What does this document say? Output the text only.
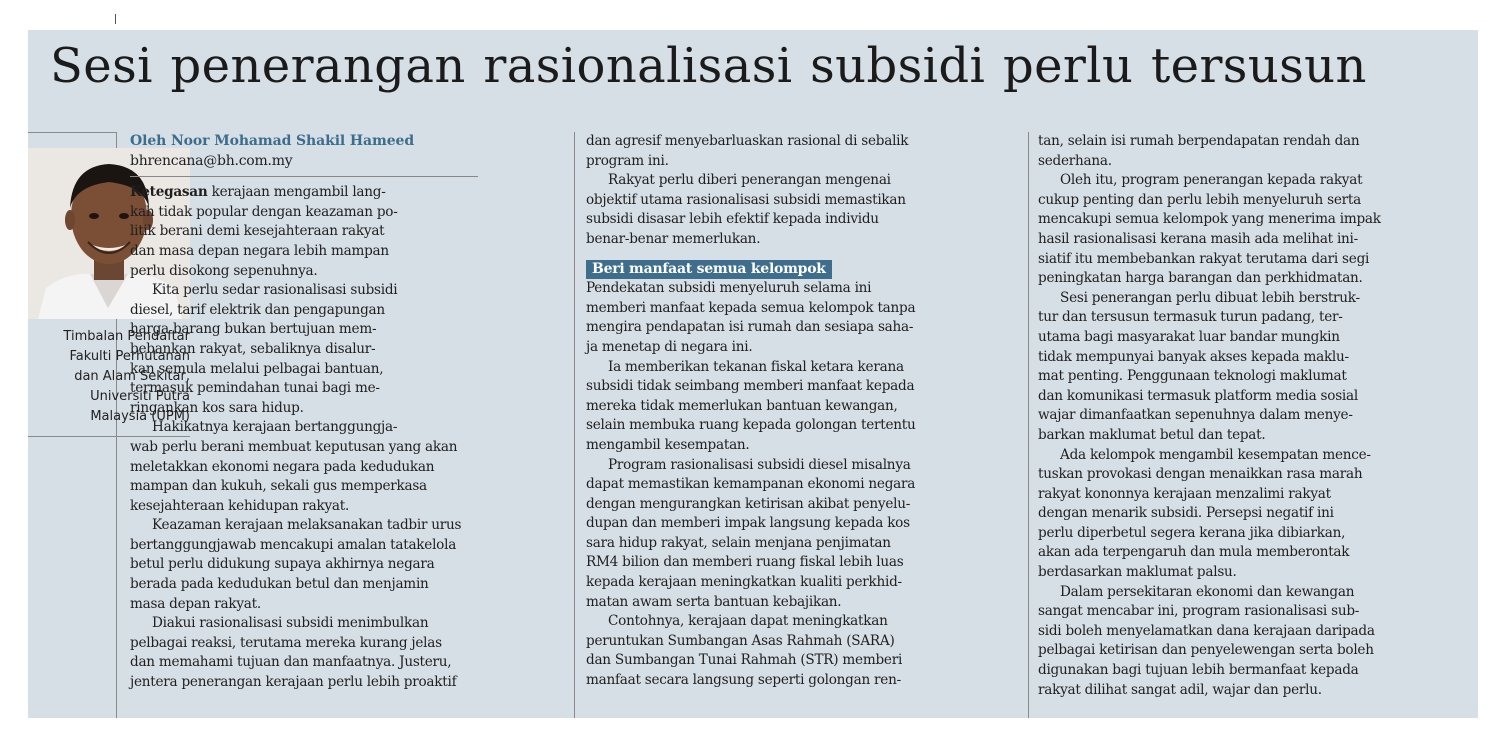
Sesi penerangan rasionalisasi subsidi perlu tersusun
Timbalan Pendaftar
Fakulti Perhutanan
dan Alam Sekitar,
Universiti Putra
Malaysia (UPM)
Oleh Noor Mohamad Shakil Hameed
bhrencana@bh.com.my
Ketegasan kerajaan mengambil lang-
kah tidak popular dengan keazaman po-
litik berani demi kesejahteraan rakyat
dan masa depan negara lebih mampan
perlu disokong sepenuhnya.
Kita perlu sedar rasionalisasi subsidi
diesel, tarif elektrik dan pengapungan
harga barang bukan bertujuan mem-
bebankan rakyat, sebaliknya disalur-
kan semula melalui pelbagai bantuan,
termasuk pemindahan tunai bagi me-
ringankan kos sara hidup.
Hakikatnya kerajaan bertanggungja-
wab perlu berani membuat keputusan yang akan
meletakkan ekonomi negara pada kedudukan
mampan dan kukuh, sekali gus memperkasa
kesejahteraan kehidupan rakyat.
Keazaman kerajaan melaksanakan tadbir urus
bertanggungjawab mencakupi amalan tatakelola
betul perlu didukung supaya akhirnya negara
berada pada kedudukan betul dan menjamin
masa depan rakyat.
Diakui rasionalisasi subsidi menimbulkan
pelbagai reaksi, terutama mereka kurang jelas
dan memahami tujuan dan manfaatnya. Justeru,
jentera penerangan kerajaan perlu lebih proaktif
dan agresif menyebarluaskan rasional di sebalik
program ini.
Rakyat perlu diberi penerangan mengenai
objektif utama rasionalisasi subsidi memastikan
subsidi disasar lebih efektif kepada individu
benar-benar memerlukan.
Beri manfaat semua kelompok
Pendekatan subsidi menyeluruh selama ini
memberi manfaat kepada semua kelompok tanpa
mengira pendapatan isi rumah dan sesiapa saha-
ja menetap di negara ini.
Ia memberikan tekanan fiskal ketara kerana
subsidi tidak seimbang memberi manfaat kepada
mereka tidak memerlukan bantuan kewangan,
selain membuka ruang kepada golongan tertentu
mengambil kesempatan.
Program rasionalisasi subsidi diesel misalnya
dapat memastikan kemampanan ekonomi negara
dengan mengurangkan ketirisan akibat penyelu-
dupan dan memberi impak langsung kepada kos
sara hidup rakyat, selain menjana penjimatan
RM4 bilion dan memberi ruang fiskal lebih luas
kepada kerajaan meningkatkan kualiti perkhid-
matan awam serta bantuan kebajikan.
Contohnya, kerajaan dapat meningkatkan
peruntukan Sumbangan Asas Rahmah (SARA)
dan Sumbangan Tunai Rahmah (STR) memberi
manfaat secara langsung seperti golongan ren-
tan, selain isi rumah berpendapatan rendah dan
sederhana.
Oleh itu, program penerangan kepada rakyat
cukup penting dan perlu lebih menyeluruh serta
mencakupi semua kelompok yang menerima impak
hasil rasionalisasi kerana masih ada melihat ini-
siatif itu membebankan rakyat terutama dari segi
peningkatan harga barangan dan perkhidmatan.
Sesi penerangan perlu dibuat lebih berstruk-
tur dan tersusun termasuk turun padang, ter-
utama bagi masyarakat luar bandar mungkin
tidak mempunyai banyak akses kepada maklu-
mat penting. Penggunaan teknologi maklumat
dan komunikasi termasuk platform media sosial
wajar dimanfaatkan sepenuhnya dalam menye-
barkan maklumat betul dan tepat.
Ada kelompok mengambil kesempatan mence-
tuskan provokasi dengan menaikkan rasa marah
rakyat kononnya kerajaan menzalimi rakyat
dengan menarik subsidi. Persepsi negatif ini
perlu diperbetul segera kerana jika dibiarkan,
akan ada terpengaruh dan mula memberontak
berdasarkan maklumat palsu.
Dalam persekitaran ekonomi dan kewangan
sangat mencabar ini, program rasionalisasi sub-
sidi boleh menyelamatkan dana kerajaan daripada
pelbagai ketirisan dan penyelewengan serta boleh
digunakan bagi tujuan lebih bermanfaat kepada
rakyat dilihat sangat adil, wajar dan perlu.
